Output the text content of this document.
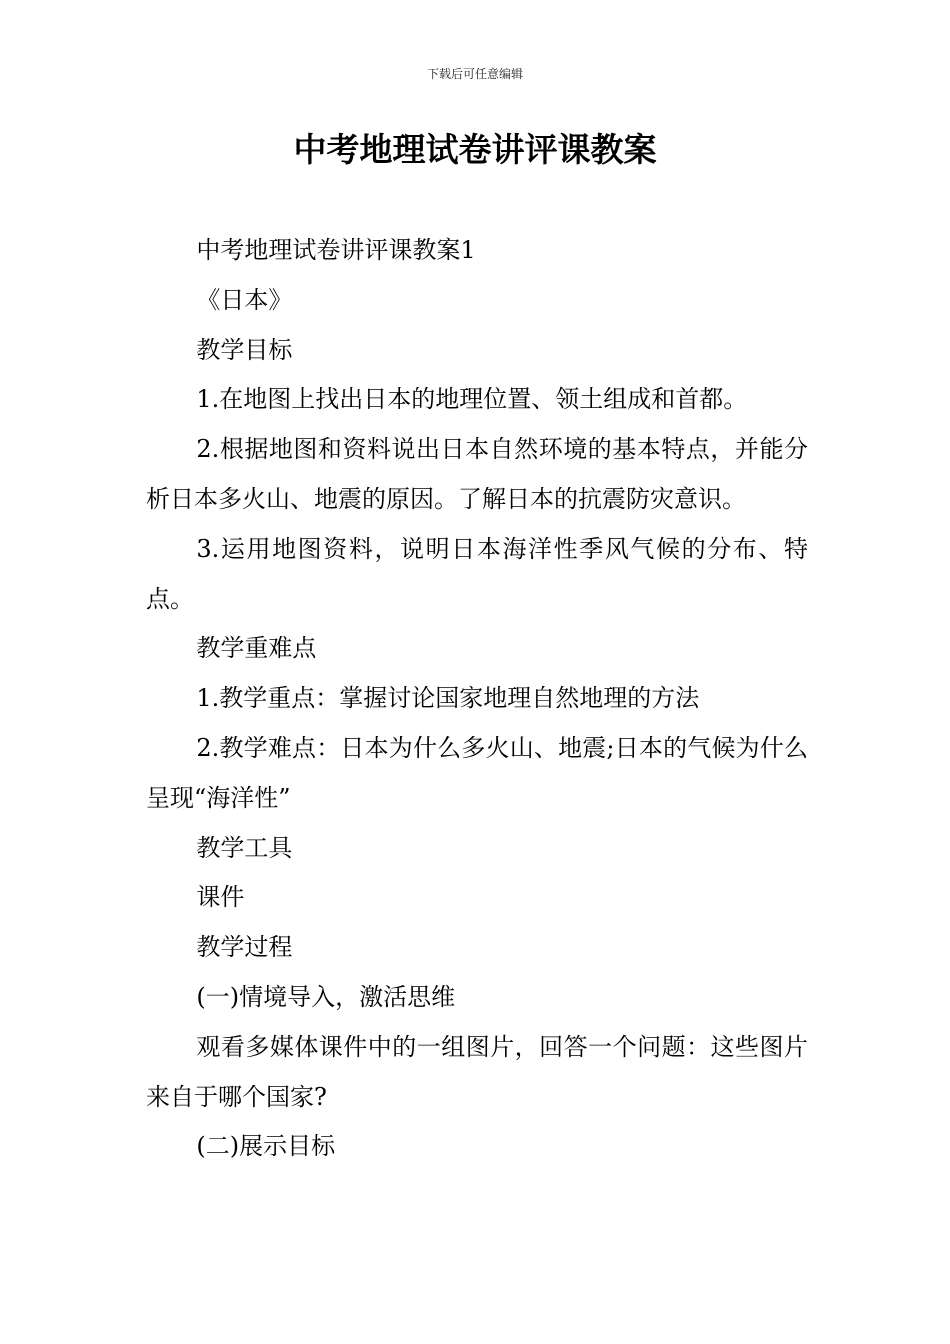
下载后可任意编辑
中考地理试卷讲评课教案

中考地理试卷讲评课教案1

《日本》

教学目标

1.在地图上找出日本的地理位置、领土组成和首都。

2.根据地图和资料说出日本自然环境的基本特点，并能分析日本多火山、地震的原因。了解日本的抗震防灾意识。

3.运用地图资料，说明日本海洋性季风气候的分布、特点。

教学重难点

1.教学重点：掌握讨论国家地理自然地理的方法

2.教学难点：日本为什么多火山、地震;日本的气候为什么呈现“海洋性”

教学工具

课件

教学过程

(一)情境导入，激活思维

观看多媒体课件中的一组图片，回答一个问题：这些图片来自于哪个国家?

(二)展示目标
